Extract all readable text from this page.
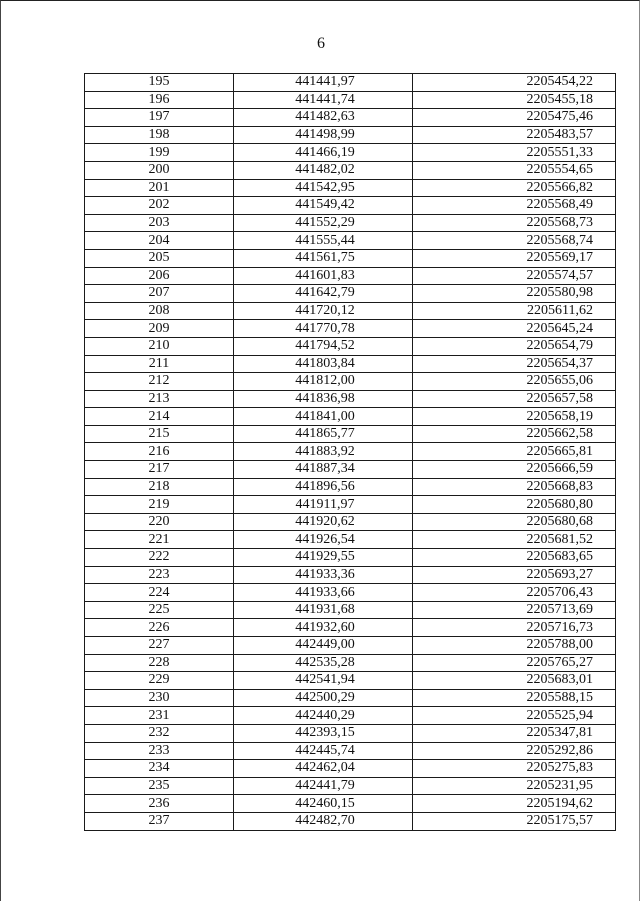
6
195	441441,97	2205454,22
196	441441,74	2205455,18
197	441482,63	2205475,46
198	441498,99	2205483,57
199	441466,19	2205551,33
200	441482,02	2205554,65
201	441542,95	2205566,82
202	441549,42	2205568,49
203	441552,29	2205568,73
204	441555,44	2205568,74
205	441561,75	2205569,17
206	441601,83	2205574,57
207	441642,79	2205580,98
208	441720,12	2205611,62
209	441770,78	2205645,24
210	441794,52	2205654,79
211	441803,84	2205654,37
212	441812,00	2205655,06
213	441836,98	2205657,58
214	441841,00	2205658,19
215	441865,77	2205662,58
216	441883,92	2205665,81
217	441887,34	2205666,59
218	441896,56	2205668,83
219	441911,97	2205680,80
220	441920,62	2205680,68
221	441926,54	2205681,52
222	441929,55	2205683,65
223	441933,36	2205693,27
224	441933,66	2205706,43
225	441931,68	2205713,69
226	441932,60	2205716,73
227	442449,00	2205788,00
228	442535,28	2205765,27
229	442541,94	2205683,01
230	442500,29	2205588,15
231	442440,29	2205525,94
232	442393,15	2205347,81
233	442445,74	2205292,86
234	442462,04	2205275,83
235	442441,79	2205231,95
236	442460,15	2205194,62
237	442482,70	2205175,57
